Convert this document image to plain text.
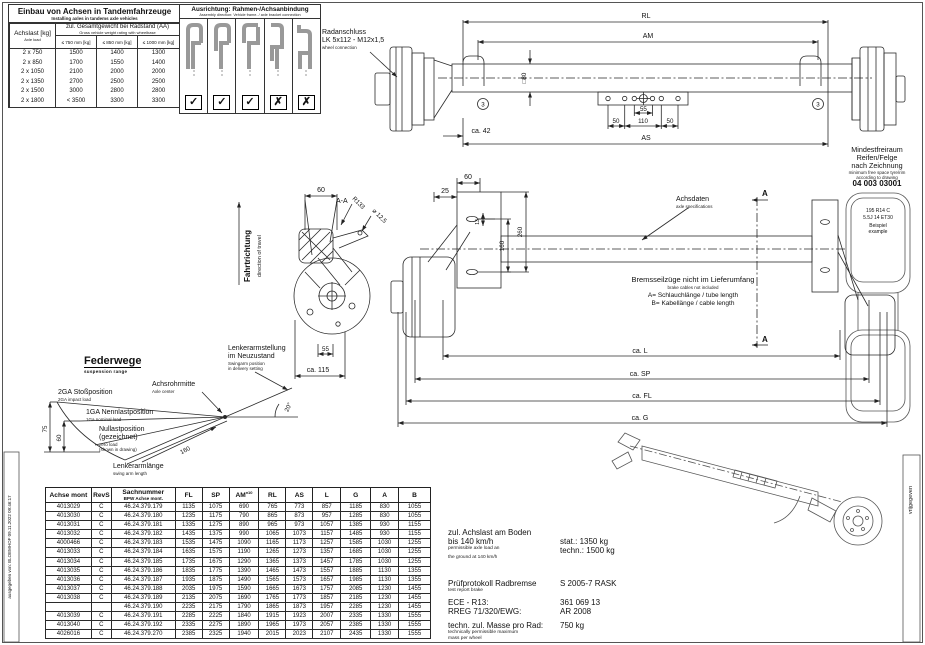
RL
AM
AS
55
50	110	50
ca. 42
□80
3	3
195 R14 C
5.5J 14 ET30
Beispiel
example
60
A-A R133
⌀ 12,5
55
ca. 115
25
60
160
260
13
A
A
ca. L
ca. SP
ca. FL
ca. G
75
60
160
20°
ausgegeben von: BLOEMHOF 09.11.2022 09:46:17	vrijgegeven
Einbau von Achsen in Tandemfahrzeuge
Installing axles in tandems axle vehicles
Achslast [kg]
Axle load

zul. Gesamtgewicht bei Radstand (AA)
Gross vehicle weight rating with wheelbase

	≤ 750 mm [kg]	≤ 850 mm [kg]	≤ 1000 mm [kg]
2 x 750	1500	1400	1300
2 x 850	1700	1550	1400
2 x 1050	2100	2000	2000
2 x 1350	2700	2500	2500
2 x 1500	3000	2800	2800
2 x 1800	< 3500	3300	3300
Ausrichtung: Rahmen-/Achsanbindung
Assembly direction: Vehicle frame- / axle bracket connection
✓	✓	✓	✗	✗
Radanschluss
LK 5x112 - M12x1,5
wheel connection
Mindestfreiraum
Reifen/Felge
nach Zeichnung
minimum free space tyre/rim
according to drawing
04 003 03001
Fahrtrichtung direction of travel
Achsdaten
axle specifications
Bremsseilzüge nicht im Lieferumfang
brake cables not included
A= Schlauchlänge / tube length
B= Kabellänge / cable length
Federwege
suspension range
Lenkerarmstellung
im Neuzustand
Swingarm position
in delivery setting
Achsrohrmitte
Axle center
2GA Stoßposition
2GA impact load
1GA Nennlastposition
1Ga nominal load
Nullastposition
(gezeichnet)
zero load
(shown in drawing)
Lenkerarmlänge
swing arm length
zul. Achslast am Boden
bis 140 km/h	stat.: 1350 kg
permissible axle load an	techn.: 1500 kg
the ground at 140 km/h
Prüfprotokoll Radbremse	S 2005-7 RASK
test report brake
ECE - R13:	361 069 13
RREG 71/320/EWG:	AR 2008
techn. zul. Masse pro Rad:	750 kg
technically permissible maximum
mass per wheel
Achse mont	RevS	Sachnummer
BPW Achse mont.	FL	SP	$AM^{\pm 10}$	RL	AS	L	G	A	B
4013029	C	46.24.379.179	1135	1075	690	765	773	857	1185	830	1055
4013030	C	46.24.379.180	1235	1175	790	865	873	957	1285	830	1055
4013031	C	46.24.379.181	1335	1275	890	965	973	1057	1385	930	1155
4013032	C	46.24.379.182	1435	1375	990	1065	1073	1157	1485	930	1155
4000466	C	46.24.379.183	1535	1475	1090	1165	1173	1257	1585	1030	1255
4013033	C	46.24.379.184	1635	1575	1190	1265	1273	1357	1685	1030	1255
4013034	C	46.24.379.185	1735	1675	1290	1365	1373	1457	1785	1030	1255
4013035	C	46.24.379.186	1835	1775	1390	1465	1473	1557	1885	1130	1355
4013036	C	46.24.379.187	1935	1875	1490	1565	1573	1657	1985	1130	1355
4013037	C	46.24.379.188	2035	1975	1590	1665	1673	1757	2085	1230	1455
4013038	C	46.24.379.189	2135	2075	1690	1765	1773	1857	2185	1230	1455
		46.24.379.190	2235	2175	1790	1865	1873	1957	2285	1230	1455
4013039	C	46.24.379.191	2285	2225	1840	1915	1923	2007	2335	1330	1555
4013040	C	46.24.379.192	2335	2275	1890	1965	1973	2057	2385	1330	1555
4026016	C	46.24.379.270	2385	2325	1940	2015	2023	2107	2435	1330	1555
